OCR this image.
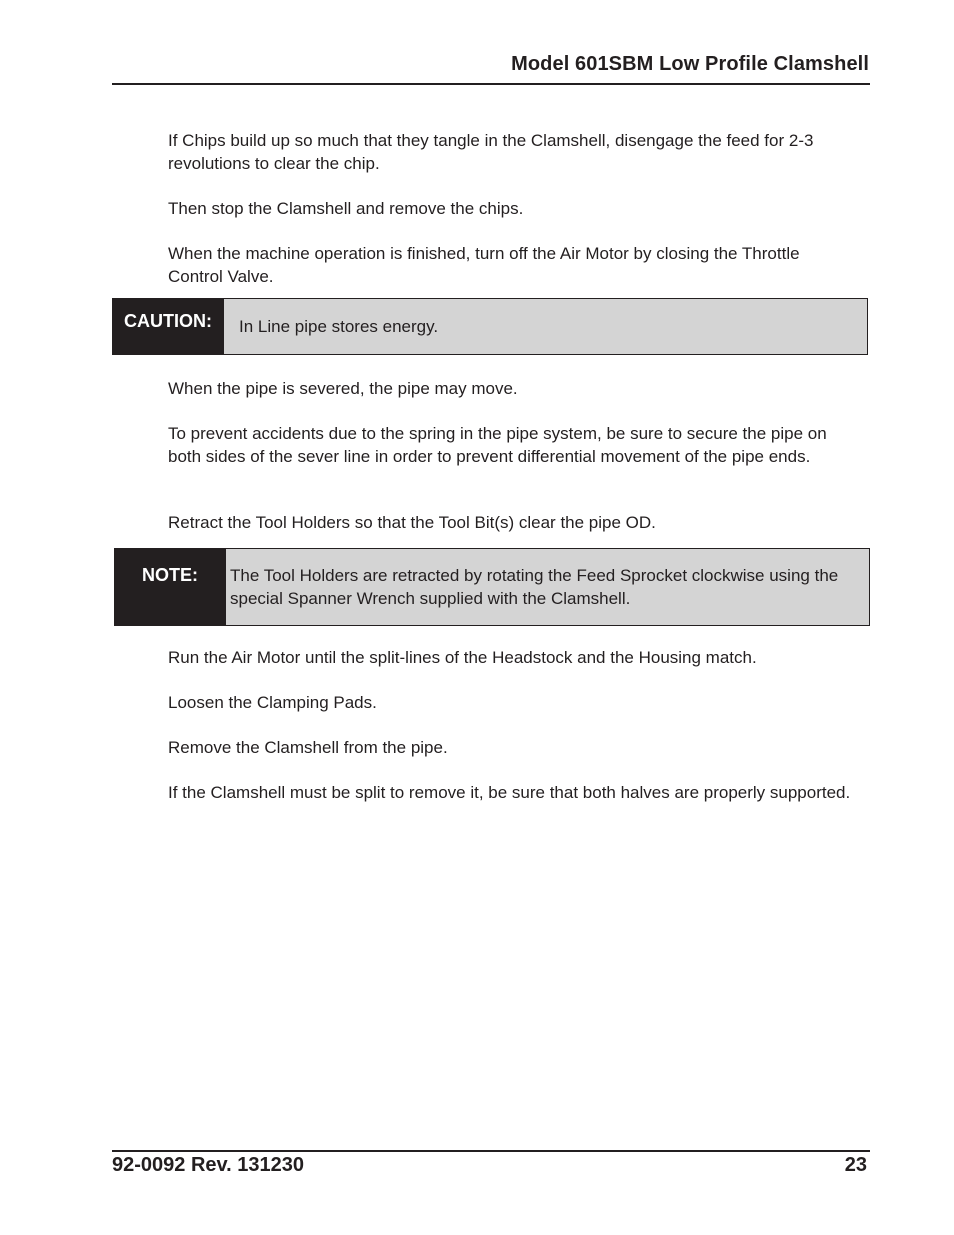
Model 601SBM Low Profile Clamshell

If Chips build up so much that they tangle in the Clamshell, disengage the feed for 2-3 revolutions to clear the chip.

Then stop the Clamshell and remove the chips.

When the machine operation is finished, turn off the Air Motor by closing the Throttle Control Valve.

CAUTION:	In Line pipe stores energy.

When the pipe is severed, the pipe may move.

To prevent accidents due to the spring in the pipe system, be sure to secure the pipe on both sides of the sever line in order to prevent differential movement of the pipe ends.

Retract the Tool Holders so that the Tool Bit(s) clear the pipe OD.

NOTE:	The Tool Holders are retracted by rotating the Feed Sprocket clockwise using the special Spanner Wrench supplied with the Clamshell.

Run the Air Motor until the split-lines of the Headstock and the Housing match.

Loosen the Clamping Pads.

Remove the Clamshell from the pipe.

If the Clamshell must be split to remove it, be sure that both halves are properly supported.

92-0092 Rev. 131230	23
